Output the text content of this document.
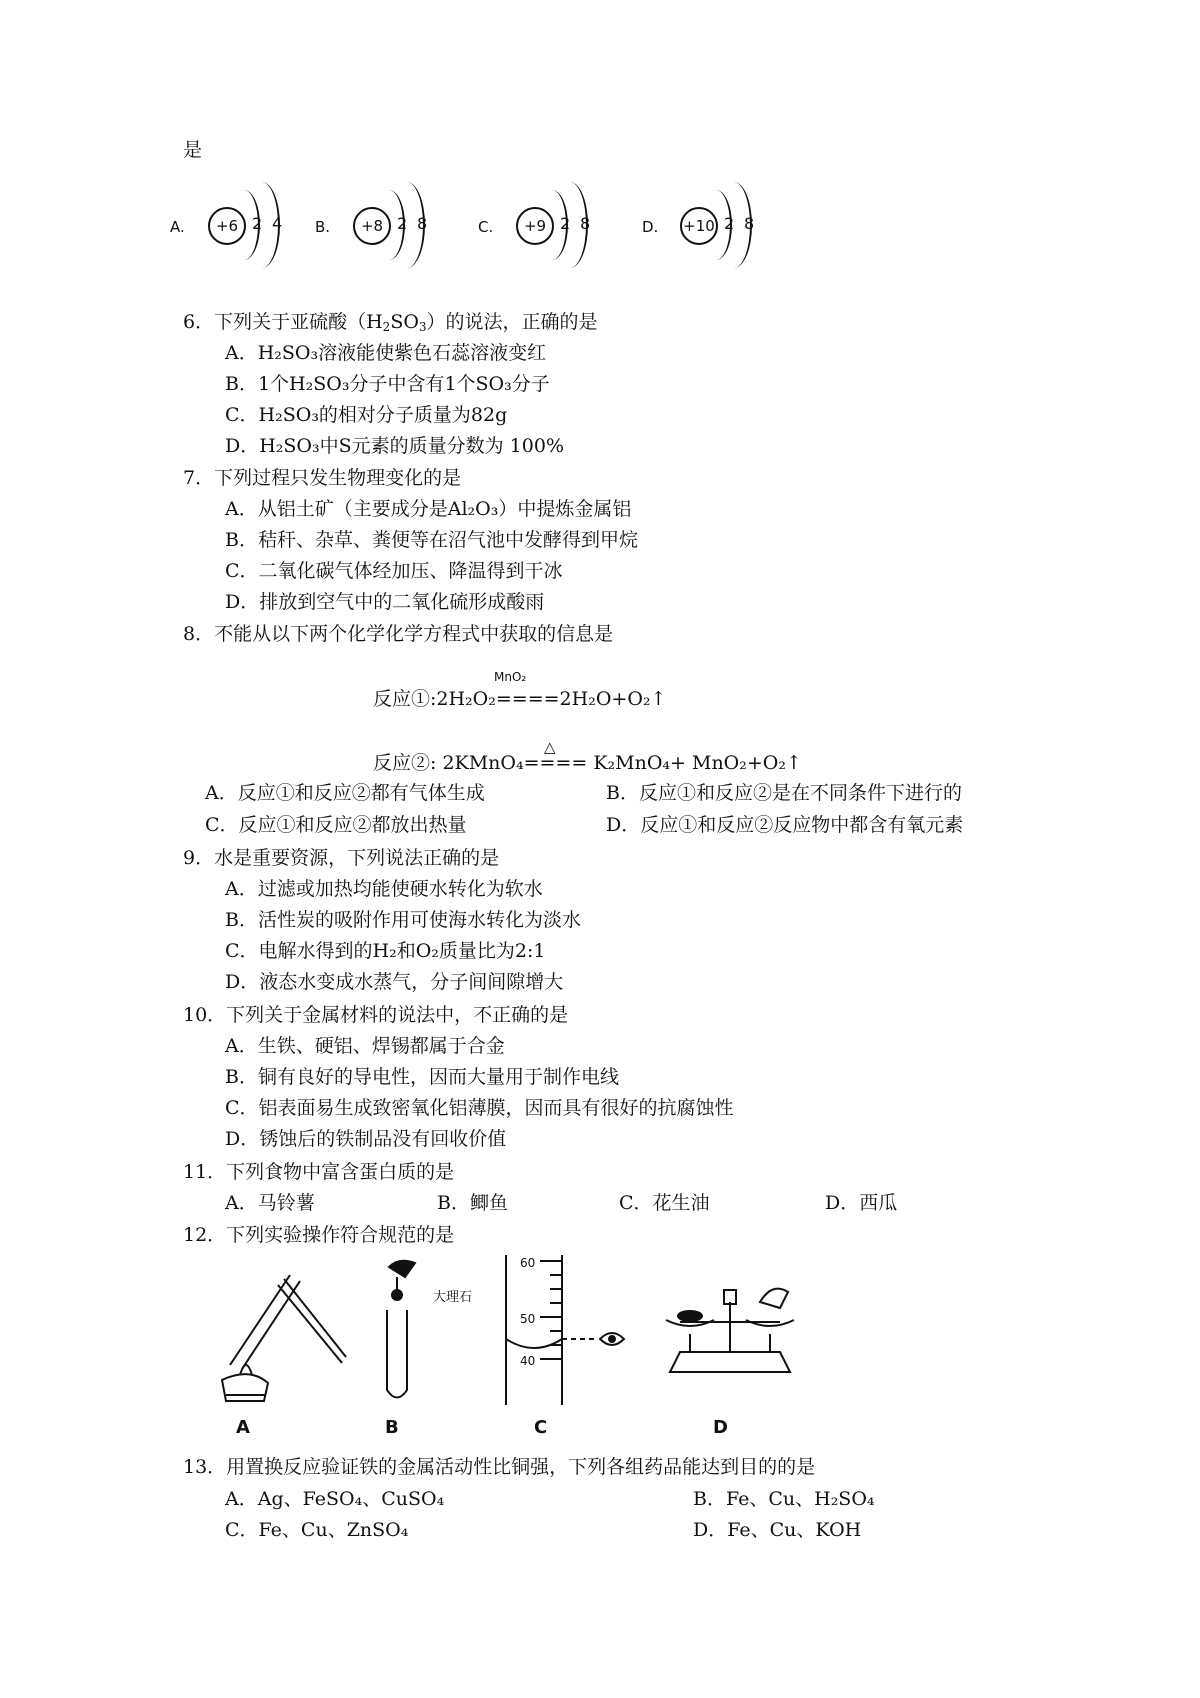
是
A.	+6 2 4 B.	+8 2 8	C.	+9 2 8	D. +10 2 8
6．下列关于亚硫酸$(H_2SO_3)$的说法，正确的是
A．H₂SO₃溶液能使紫色石蕊溶液变红
B．1个H₂SO₃分子中含有1个SO₃分子
C．H₂SO₃的相对分子质量为82g
D．H₂SO₃中S元素的质量分数为 100%
7．下列过程只发生物理变化的是
A．从铝土矿（主要成分是Al₂O₃）中提炼金属铝
B．秸秆、杂草、粪便等在沼气池中发酵得到甲烷
C．二氧化碳气体经加压、降温得到干冰
D．排放到空气中的二氧化硫形成酸雨
8．不能从以下两个化学化学方程式中获取的信息是
MnO₂
反应①:2H₂O₂====2H₂O+O₂↑
△
反应②: 2KMnO₄==== K₂MnO₄+ MnO₂+O₂↑
A．反应①和反应②都有气体生成	B．反应①和反应②是在不同条件下进行的
C．反应①和反应②都放出热量	D．反应①和反应②反应物中都含有氧元素
9．水是重要资源，下列说法正确的是
A．过滤或加热均能使硬水转化为软水
B．活性炭的吸附作用可使海水转化为淡水
C．电解水得到的H₂和O₂质量比为2:1
D．液态水变成水蒸气，分子间间隙增大
10．下列关于金属材料的说法中，不正确的是
A．生铁、硬铝、焊锡都属于合金
B．铜有良好的导电性，因而大量用于制作电线
C．铝表面易生成致密氧化铝薄膜，因而具有很好的抗腐蚀性
D．锈蚀后的铁制品没有回收价值
11．下列食物中富含蛋白质的是
A．马铃薯	B．鲫鱼	C．花生油	D．西瓜
12．下列实验操作符合规范的是
A
大理石
B
60
50
40
C	D
13．用置换反应验证铁的金属活动性比铜强，下列各组药品能达到目的的是
A．Ag、FeSO₄、CuSO₄	B．Fe、Cu、H₂SO₄
C．Fe、Cu、ZnSO₄	D．Fe、Cu、KOH
